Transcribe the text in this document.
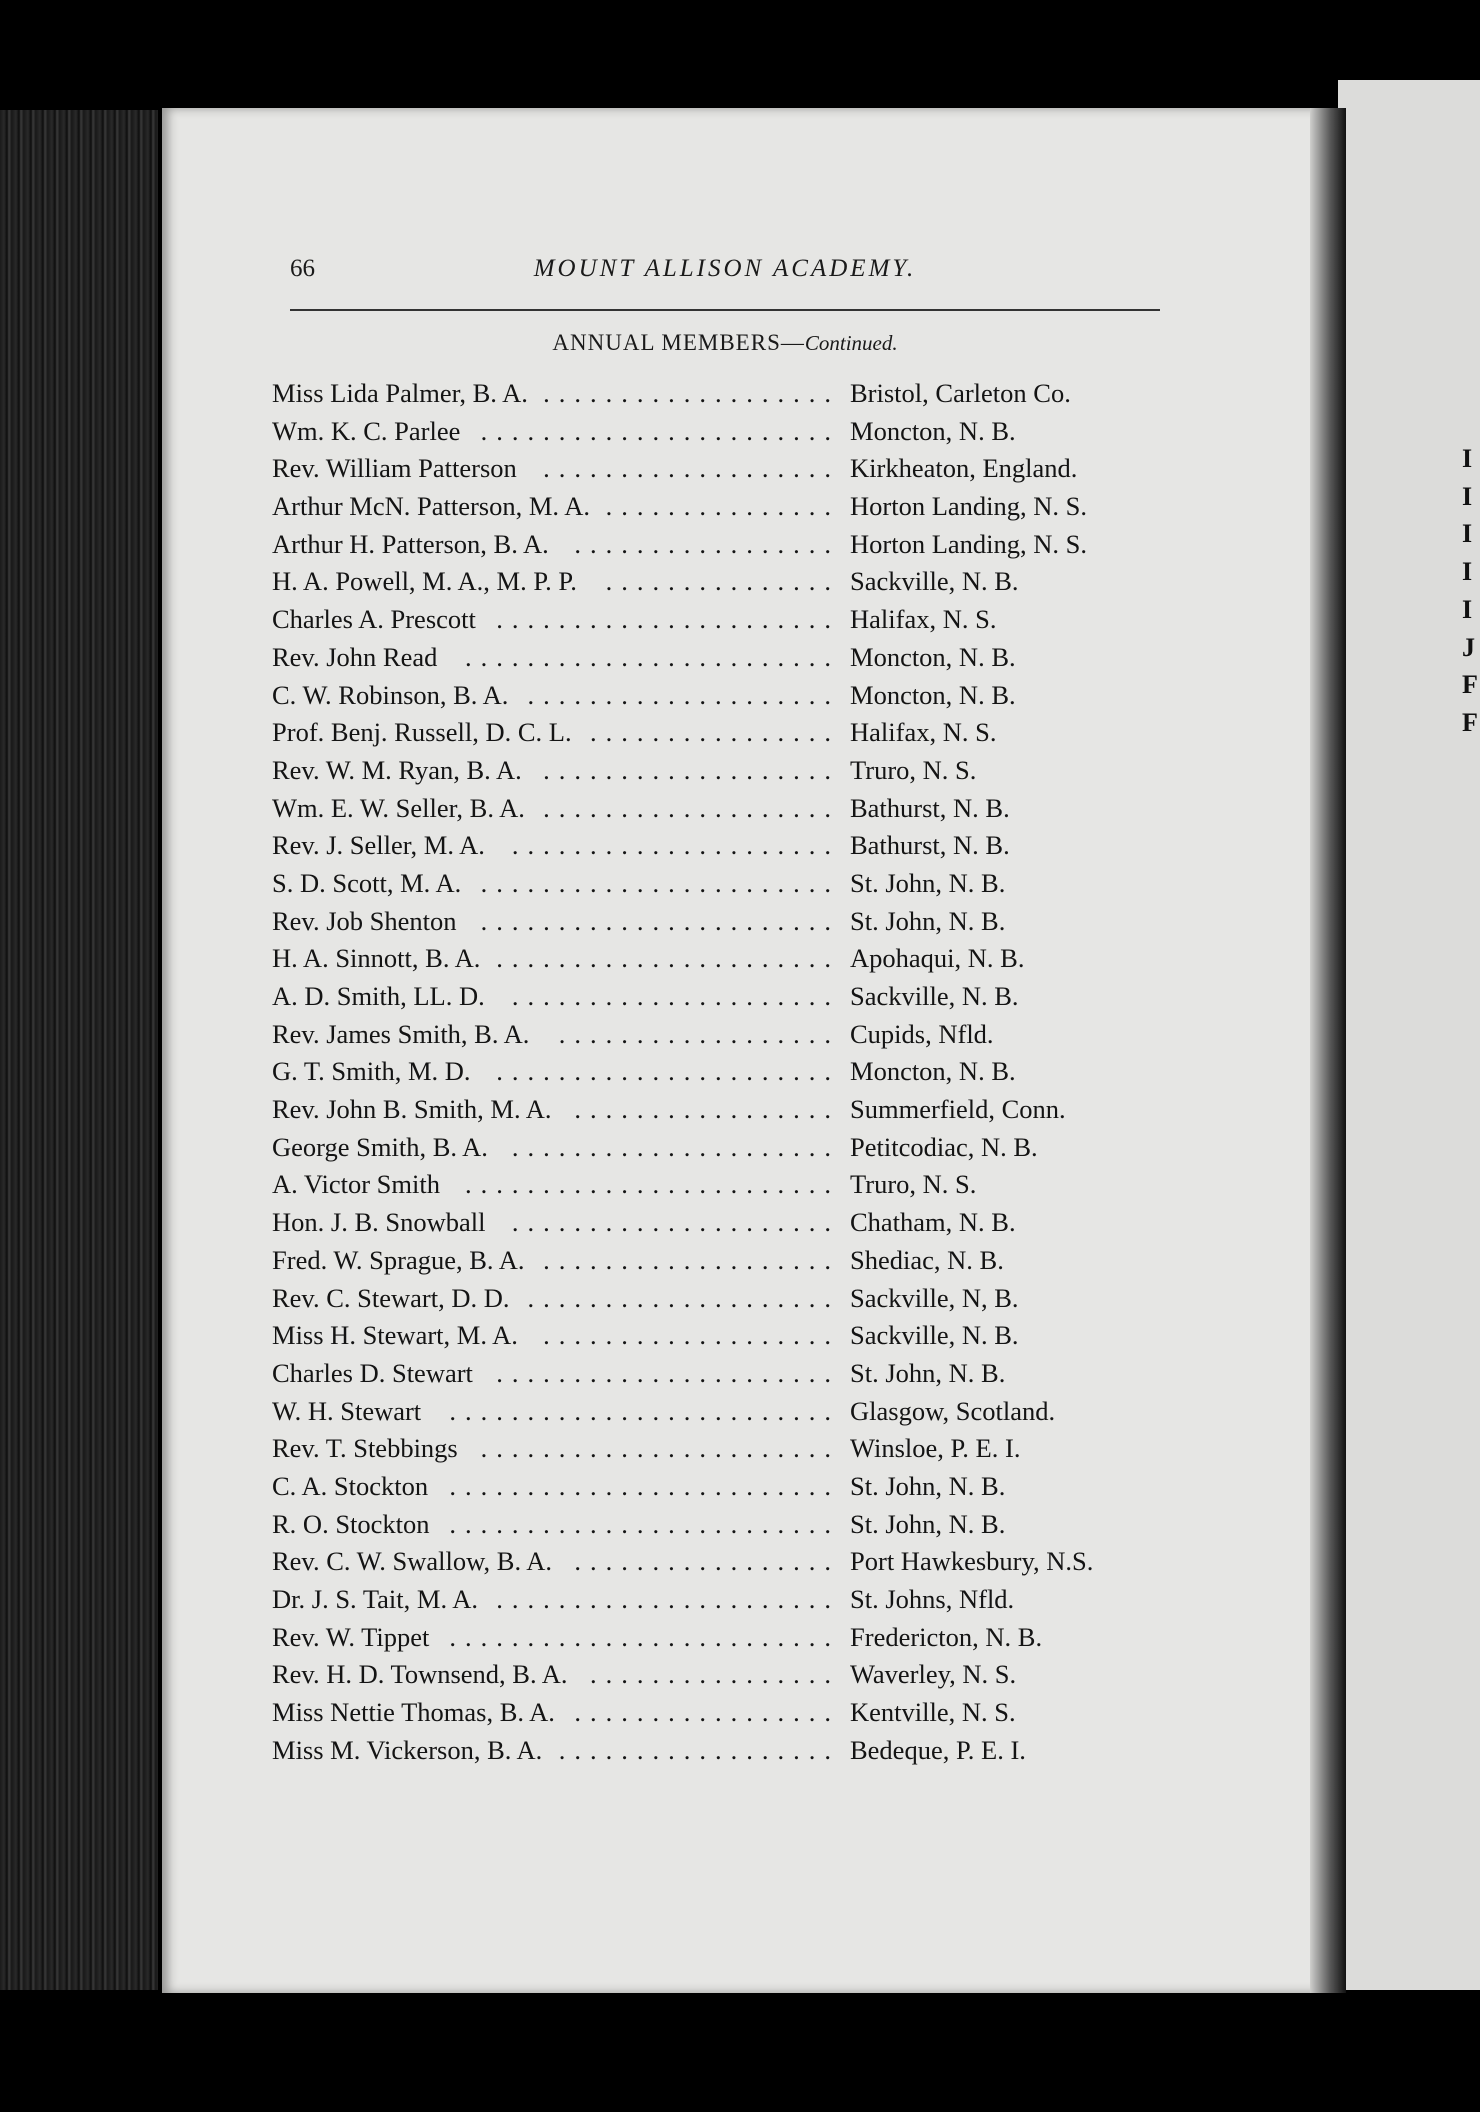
66	MOUNT ALLISON ACADEMY.
ANNUAL MEMBERS—Continued.
Miss Lida Palmer, B. A.	Bristol, Carleton Co.
...................
Wm. K. C. Parlee	Moncton, N. B.
.......................
Rev. William Patterson	Kirkheaton, England.
...................
Arthur McN. Patterson, M. A.	Horton Landing, N. S.
...............
Arthur H. Patterson, B. A.	Horton Landing, N. S.
.................
H. A. Powell, M. A., M. P. P.	Sackville, N. B.
...............
Charles A. Prescott	Halifax, N. S.
......................
Rev. John Read	Moncton, N. B.
........................
C. W. Robinson, B. A.	Moncton, N. B.
....................
Prof. Benj. Russell, D. C. L.	Halifax, N. S.
................
Rev. W. M. Ryan, B. A.	Truro, N. S.
...................
Wm. E. W. Seller, B. A.	Bathurst, N. B.
...................
Rev. J. Seller, M. A.	Bathurst, N. B.
.....................
S. D. Scott, M. A.	St. John, N. B.
.......................
Rev. Job Shenton	St. John, N. B.
.......................
H. A. Sinnott, B. A.	Apohaqui, N. B.
......................
A. D. Smith, LL. D.	Sackville, N. B.
.....................
Rev. James Smith, B. A.	Cupids, Nfld.
..................
G. T. Smith, M. D.	Moncton, N. B.
......................
Rev. John B. Smith, M. A.	Summerfield, Conn.
.................
George Smith, B. A.	Petitcodiac, N. B.
.....................
A. Victor Smith	Truro, N. S.
........................
Hon. J. B. Snowball	Chatham, N. B.
.....................
Fred. W. Sprague, B. A.	Shediac, N. B.
...................
Rev. C. Stewart, D. D.	Sackville, N, B.
....................
Miss H. Stewart, M. A.	Sackville, N. B.
...................
Charles D. Stewart	St. John, N. B.
......................
W. H. Stewart	Glasgow, Scotland.
.........................
Rev. T. Stebbings	Winsloe, P. E. I.
.......................
C. A. Stockton	St. John, N. B.
.........................
R. O. Stockton	St. John, N. B.
.........................
Rev. C. W. Swallow, B. A.	Port Hawkesbury, N.S.
.................
Dr. J. S. Tait, M. A.	St. Johns, Nfld.
......................
Rev. W. Tippet	Fredericton, N. B.
.........................
Rev. H. D. Townsend, B. A.	Waverley, N. S.
................
Miss Nettie Thomas, B. A.	Kentville, N. S.
.................
Miss M. Vickerson, B. A.	Bedeque, P. E. I.
..................
I
I
I
I
I
J
F
F
